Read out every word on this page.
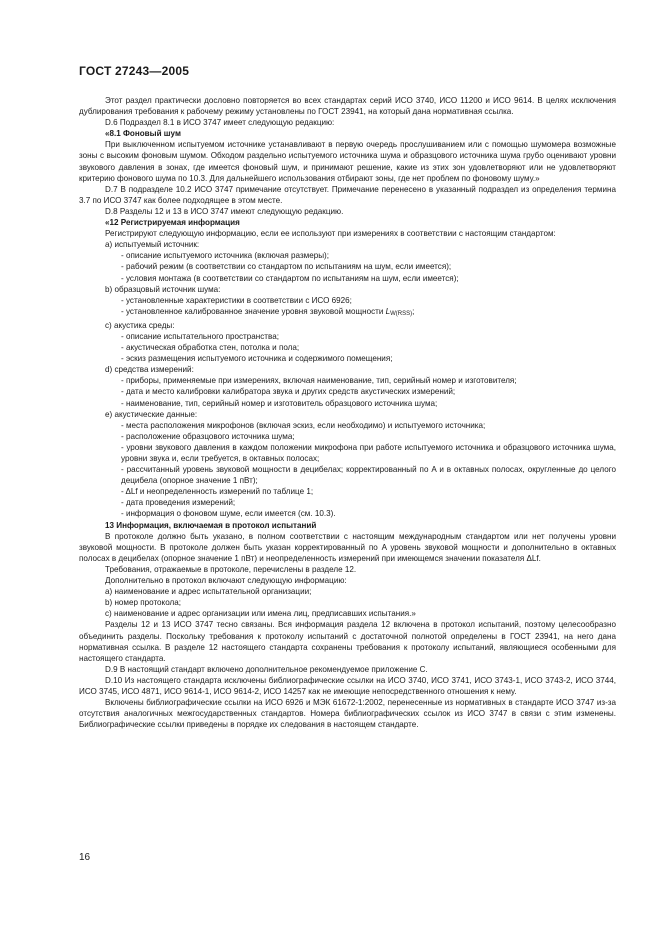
ГОСТ 27243—2005

Этот раздел практически дословно повторяется во всех стандартах серий ИСО 3740, ИСО 11200 и ИСО 9614. В целях исключения дублирования требования к рабочему режиму установлены по ГОСТ 23941, на который дана нормативная ссылка.

D.6 Подраздел 8.1 в ИСО 3747 имеет следующую редакцию:

«8.1 Фоновый шум

При выключенном испытуемом источнике устанавливают в первую очередь прослушиванием или с помощью шумомера возможные зоны с высоким фоновым шумом. Обходом раздельно испытуемого источника шума и образцового источника шума грубо оценивают уровни звукового давления в зонах, где имеется фоновый шум, и принимают решение, какие из этих зон удовлетворяют или не удовлетворяют критерию фонового шума по 10.3. Для дальнейшего использования отбирают зоны, где нет проблем по фоновому шуму.»

D.7 В подразделе 10.2 ИСО 3747 примечание отсутствует. Примечание перенесено в указанный подраздел из определения термина 3.7 по ИСО 3747 как более подходящее в этом месте.

D.8 Разделы 12 и 13 в ИСО 3747 имеют следующую редакцию.

«12 Регистрируемая информация

Регистрируют следующую информацию, если ее используют при измерениях в соответствии с настоящим стандартом:

a) испытуемый источник:

- описание испытуемого источника (включая размеры);

- рабочий режим (в соответствии со стандартом по испытаниям на шум, если имеется);

- условия монтажа (в соответствии со стандартом по испытаниям на шум, если имеется);

b) образцовый источник шума:

- установленные характеристики в соответствии с ИСО 6926;

- установленное калиброванное значение уровня звуковой мощности $L_{W(RSS)}$;

c) акустика среды:

- описание испытательного пространства;

- акустическая обработка стен, потолка и пола;

- эскиз размещения испытуемого источника и содержимого помещения;

d) средства измерений:

- приборы, применяемые при измерениях, включая наименование, тип, серийный номер и изготовителя;

- дата и место калибровки калибратора звука и других средств акустических измерений;

- наименование, тип, серийный номер и изготовитель образцового источника шума;

e) акустические данные:

- места расположения микрофонов (включая эскиз, если необходимо) и испытуемого источника;

- расположение образцового источника шума;

- уровни звукового давления в каждом положении микрофона при работе испытуемого источника и образцового источника шума, уровни звука и, если требуется, в октавных полосах;

- рассчитанный уровень звуковой мощности в децибелах; корректированный по A и в октавных полосах, округленные до целого децибела (опорное значение 1 пВт);

- ΔLf и неопределенность измерений по таблице 1;

- дата проведения измерений;

- информация о фоновом шуме, если имеется (см. 10.3).

13 Информация, включаемая в протокол испытаний

В протоколе должно быть указано, в полном соответствии с настоящим международным стандартом или нет получены уровни звуковой мощности. В протоколе должен быть указан корректированный по A уровень звуковой мощности и дополнительно в октавных полосах в децибелах (опорное значение 1 пВт) и неопределенность измерений при имеющемся значении показателя ΔLf.

Требования, отражаемые в протоколе, перечислены в разделе 12.

Дополнительно в протокол включают следующую информацию:

a) наименование и адрес испытательной организации;

b) номер протокола;

c) наименование и адрес организации или имена лиц, предписавших испытания.»

Разделы 12 и 13 ИСО 3747 тесно связаны. Вся информация раздела 12 включена в протокол испытаний, поэтому целесообразно объединить разделы. Поскольку требования к протоколу испытаний с достаточной полнотой определены в ГОСТ 23941, на него дана нормативная ссылка. В разделе 12 настоящего стандарта сохранены требования к протоколу испытаний, являющиеся особенными для настоящего стандарта.

D.9 В настоящий стандарт включено дополнительное рекомендуемое приложение С.

D.10 Из настоящего стандарта исключены библиографические ссылки на ИСО 3740, ИСО 3741, ИСО 3743-1, ИСО 3743-2, ИСО 3744, ИСО 3745, ИСО 4871, ИСО 9614-1, ИСО 9614-2, ИСО 14257 как не имеющие непосредственного отношения к нему.

Включены библиографические ссылки на ИСО 6926 и МЭК 61672-1:2002, перенесенные из нормативных в стандарте ИСО 3747 из-за отсутствия аналогичных межгосударственных стандартов. Номера библиографических ссылок из ИСО 3747 в связи с этим изменены. Библиографические ссылки приведены в порядке их следования в настоящем стандарте.

16
